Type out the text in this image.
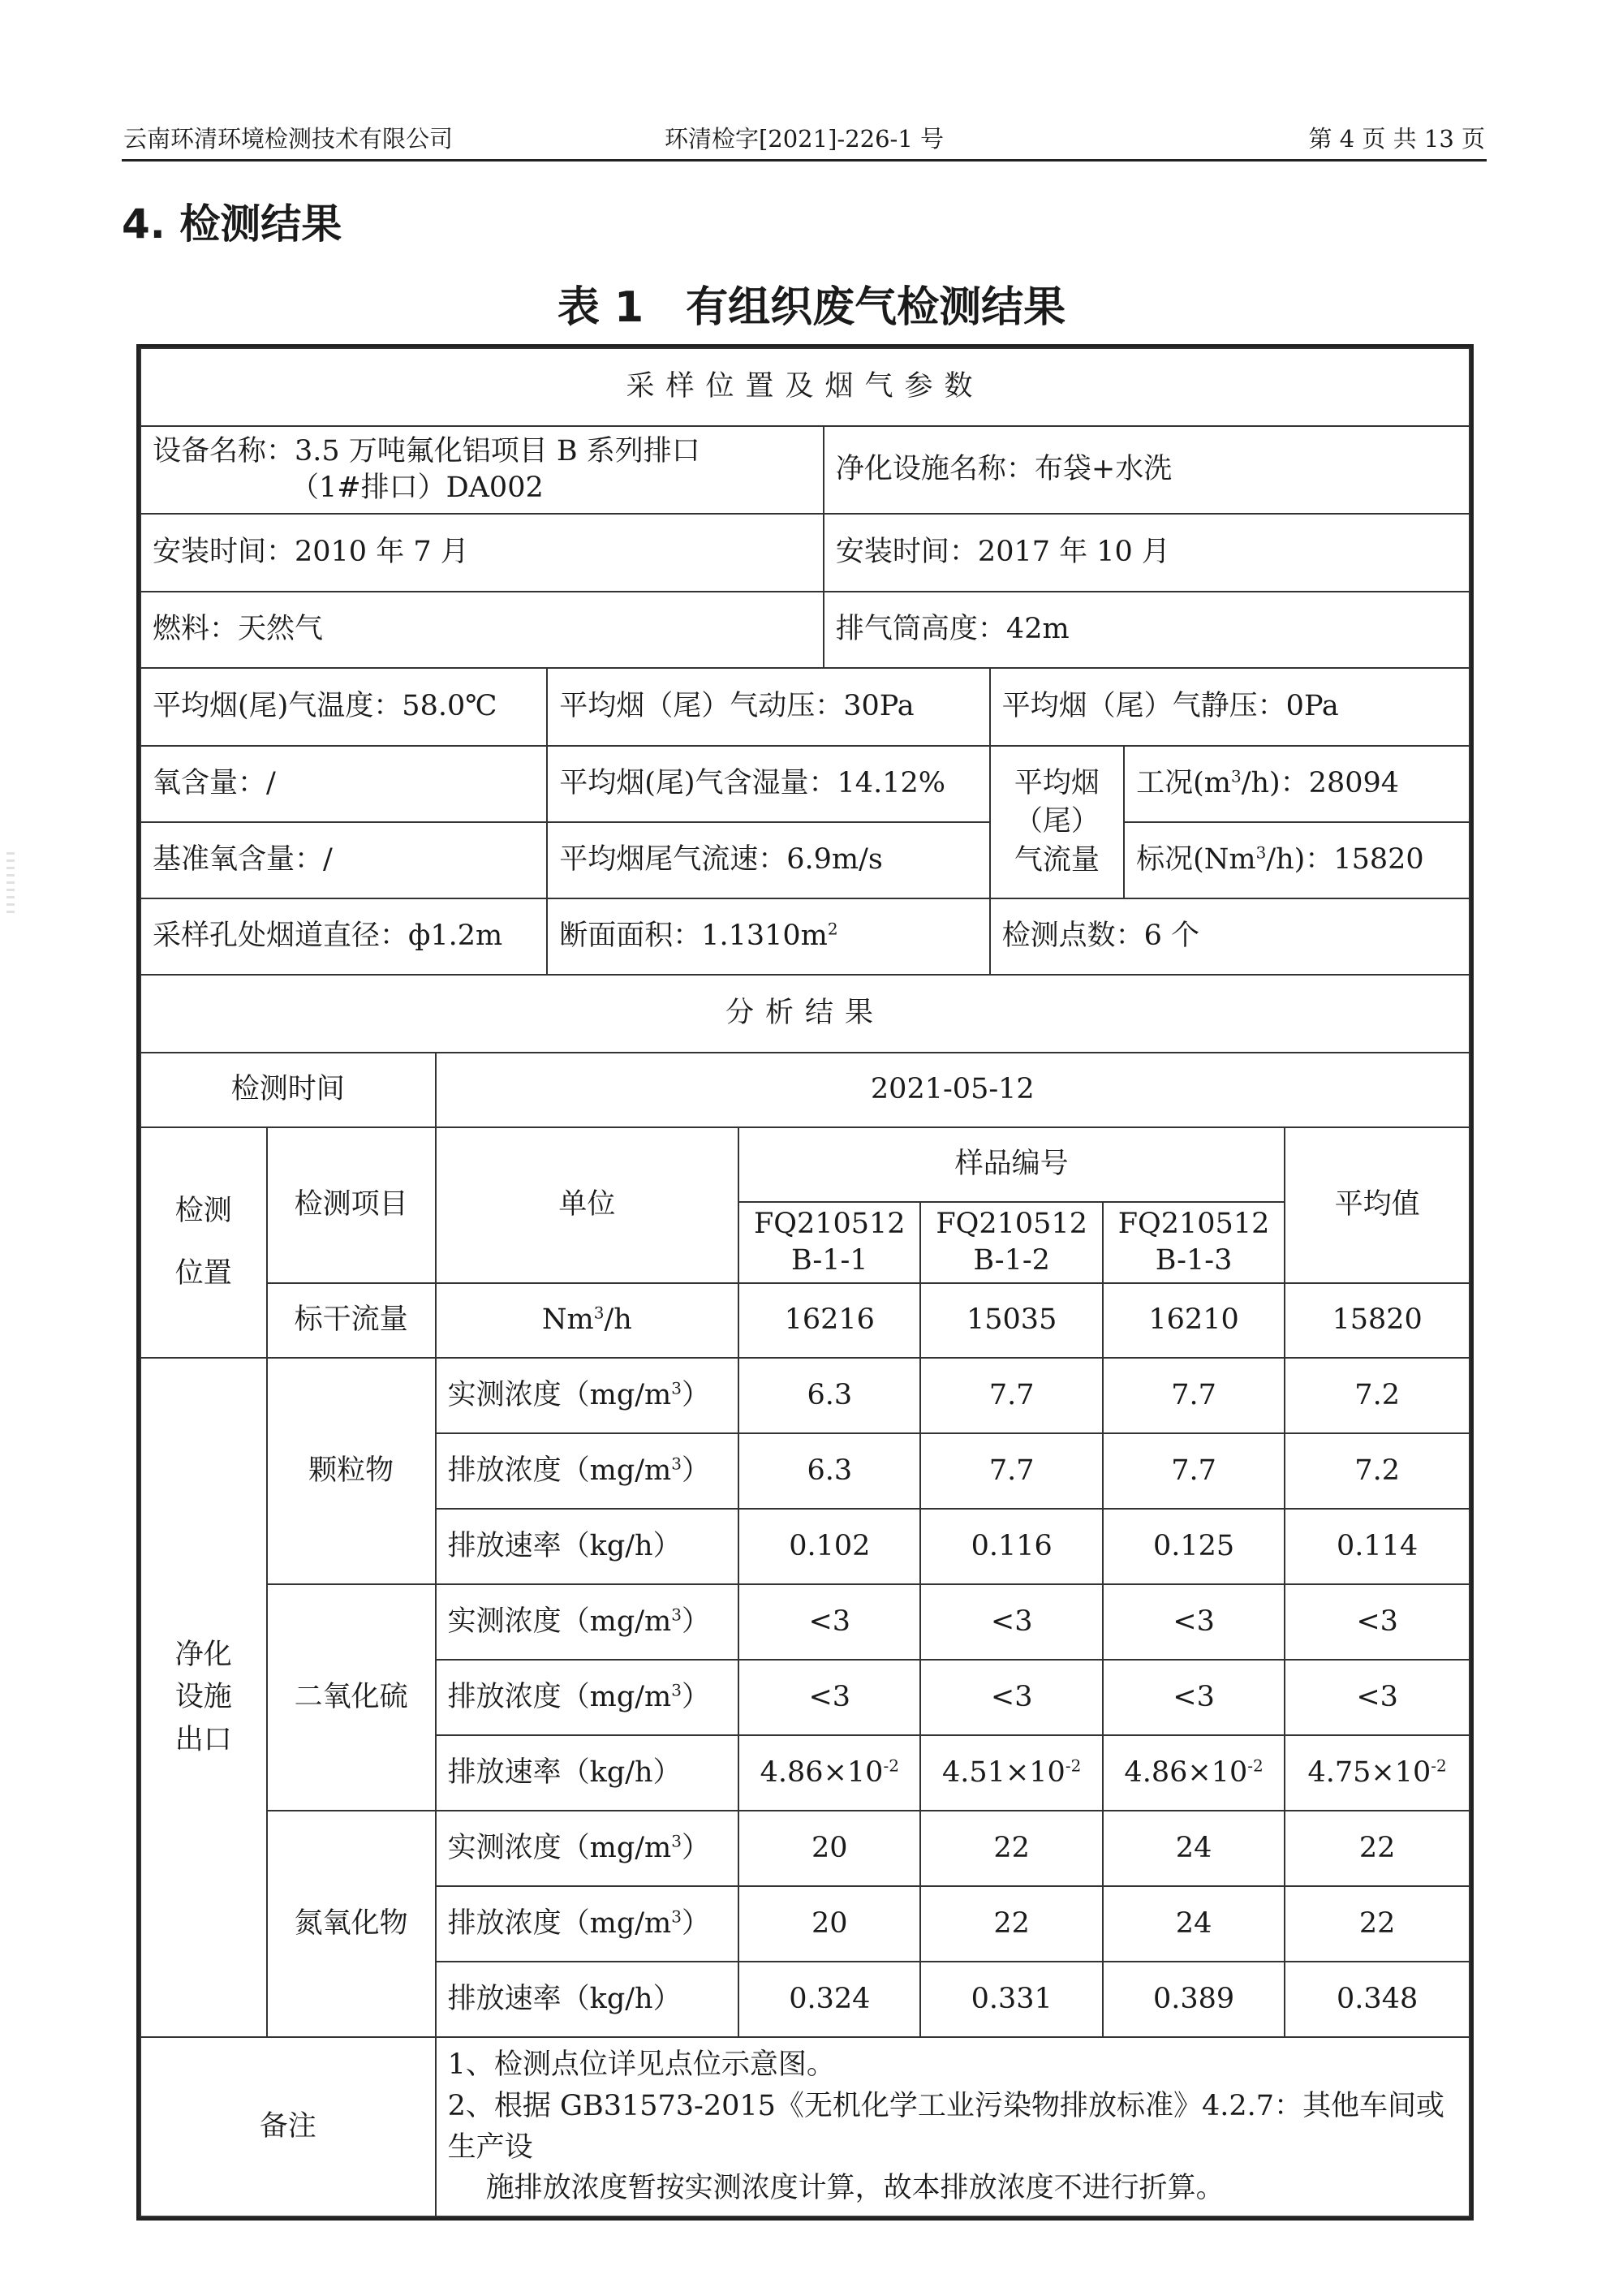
云南环清环境检测技术有限公司	环清检字[2021]-226-1 号	第 4 页 共 13 页
4. 检测结果
表 1　有组织废气检测结果
采样位置及烟气参数	
设备名称：3.5 万吨氟化铝项目 B 系列排口
（1#排口）DA002	净化设施名称：布袋+水洗
安装时间：2010 年 7 月	安装时间：2017 年 10 月
燃料：天然气	排气筒高度：42m
平均烟(尾)气温度：58.0℃	平均烟（尾）气动压：30Pa	平均烟（尾）气静压：0Pa	
氧含量：/	平均烟(尾)气含湿量：14.12%	平均烟
（尾）
气流量	工况$(m^3/h)$：28094
基准氧含量：/	平均烟尾气流速：6.9m/s		标况(Nm$^3$/h)：15820
采样孔处烟道直径：ф1.2m	断面面积：$1.1310m^2$	检测点数：6 个	
分析结果						
检测时间		2021-05-12				
检测
位置	检测项目	单位	样品编号			平均值
			FQ210512
B-1-1	FQ210512
B-1-2	FQ210512
B-1-3	
	标干流量	Nm$^3$/h	16216	15035	16210	15820
净化
设施
出口	颗粒物	实测浓度$(mg/m^3)$	6.3	7.7	7.7	7.2
		排放浓度$(mg/m^3)$	6.3	7.7	7.7	7.2
		排放速率（kg/h）	0.102	0.116	0.125	0.114
	二氧化硫	实测浓度$(mg/m^3)$	<3	<3	<3	<3
		排放浓度$(mg/m^3)$	<3	<3	<3	<3
		排放速率（kg/h）	$4.86\times 10^{-2}$	$4.51\times 10^{-2}$	$4.86\times 10^{-2}$	$4.75\times 10^{-2}$
	氮氧化物	实测浓度$(mg/m^3)$	20	22	24	22
		排放浓度$(mg/m^3)$	20	22	24	22
		排放速率（kg/h）	0.324	0.331	0.389	0.348
备注		1、检测点位详见点位示意图。
2、根据 GB31573-2015《无机化学工业污染物排放标准》4.2.7：其他车间或生产设
施排放浓度暂按实测浓度计算，故本排放浓度不进行折算。				
